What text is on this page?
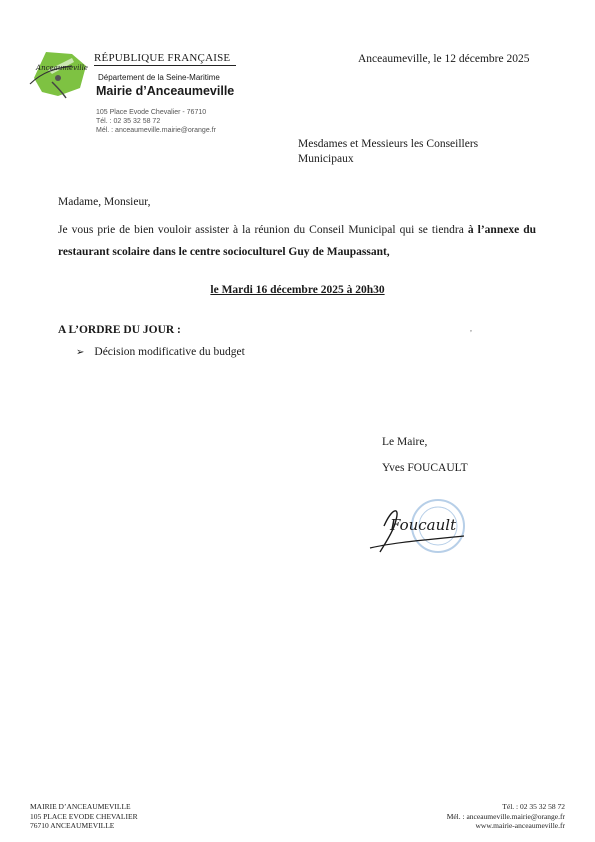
Anceaumeville
RÉPUBLIQUE FRANÇAISE
Département de la Seine-Maritime
Mairie d’Anceaumeville
105 Place Evode Chevalier - 76710
Tél. : 02 35 32 58 72
Mél. : anceaumeville.mairie@orange.fr
Anceaumeville, le 12 décembre 2025
Mesdames et Messieurs les Conseillers
Municipaux
Madame, Monsieur,
Je vous prie de bien vouloir assister à la réunion du Conseil Municipal qui se tiendra à l’annexe du restaurant scolaire dans le centre socioculturel Guy de Maupassant,
le Mardi 16 décembre 2025 à 20h30
A L’ORDRE DU JOUR :	,
➢ Décision modificative du budget
Le Maire,
Yves FOUCAULT
Foucault
MAIRIE D’ANCEAUMEVILLE
105 PLACE EVODE CHEVALIER
76710 ANCEAUMEVILLE
Tél. : 02 35 32 58 72
Mél. : anceaumeville.mairie@orange.fr
www.mairie-anceaumeville.fr
